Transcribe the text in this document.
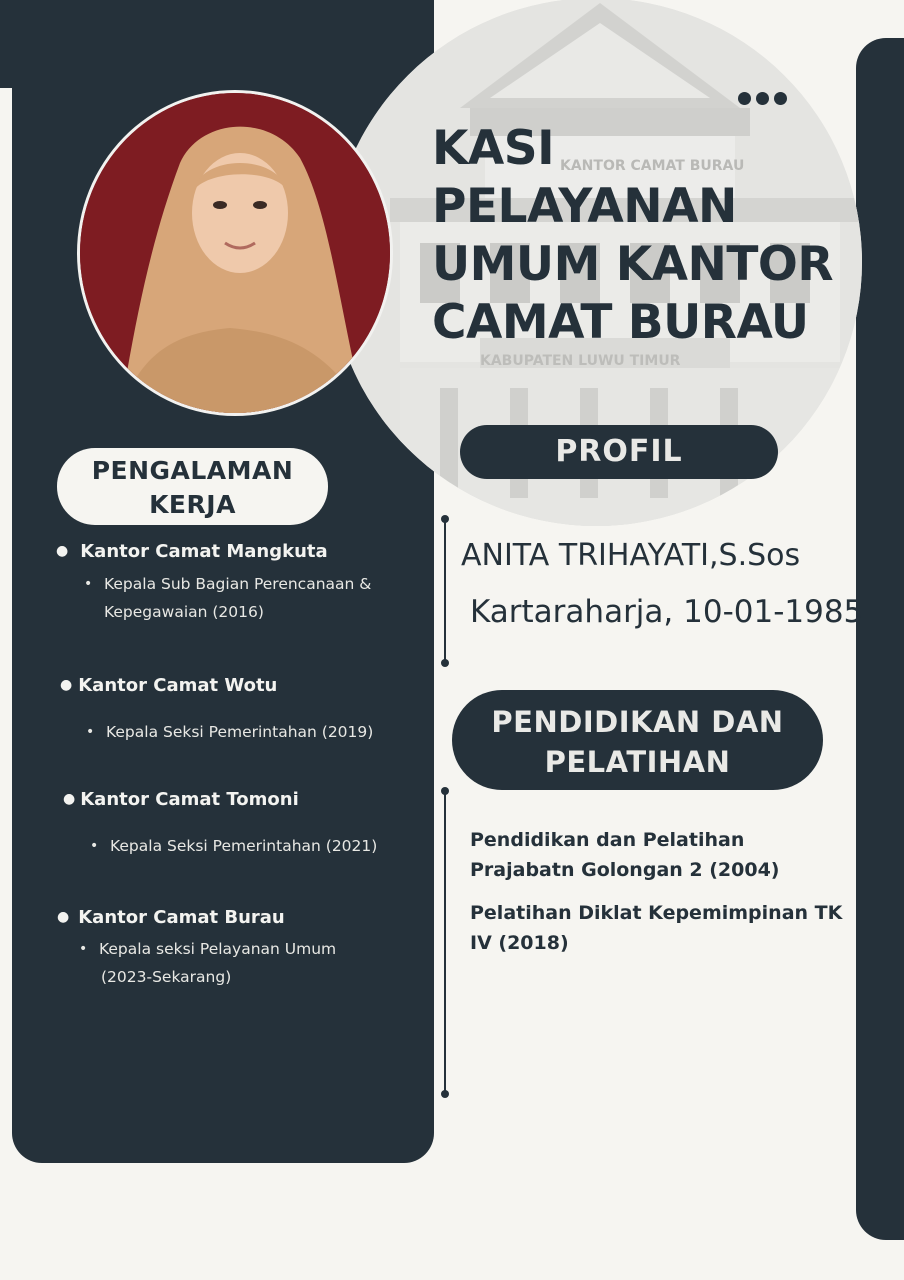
KANTOR CAMAT BURAU
KABUPATEN LUWU TIMUR
KASI
PELAYANAN
UMUM KANTOR
CAMAT BURAU
PROFIL
ANITA TRIHAYATI,S.Sos
Kartaraharja, 10-01-1985
PENDIDIKAN DAN
PELATIHAN

Pendidikan dan Pelatihan Prajabatn Golongan 2 (2004)

Pelatihan Diklat Kepemimpinan TK IV (2018)

PENGALAMAN
KERJA
● Kantor Camat Mangkuta
• Kepala Sub Bagian Perencanaan &
Kepegawaian (2016)
● Kantor Camat Wotu
• Kepala Seksi Pemerintahan (2019)
● Kantor Camat Tomoni
• Kepala Seksi Pemerintahan (2021)
● Kantor Camat Burau
• Kepala seksi Pelayanan Umum
(2023-Sekarang)
